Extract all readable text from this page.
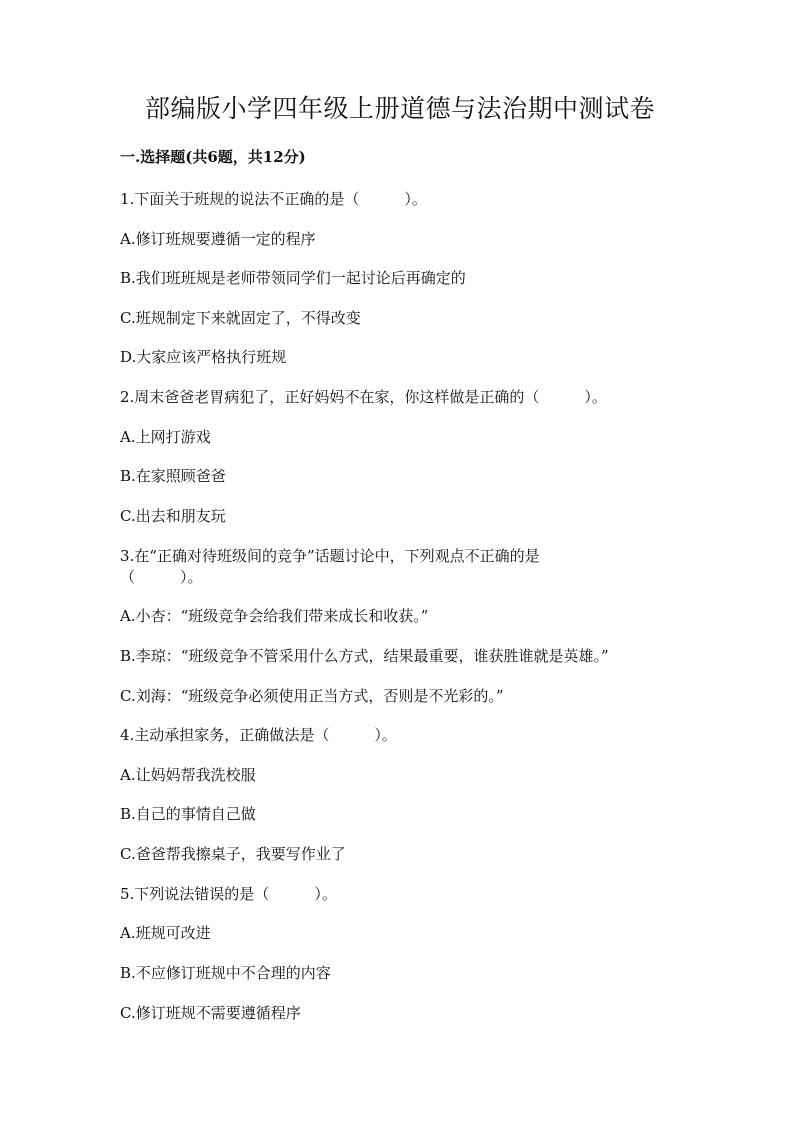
部编版小学四年级上册道德与法治期中测试卷
一.选择题(共6题，共12分)
1.下面关于班规的说法不正确的是（　　　）。
A.修订班规要遵循一定的程序
B.我们班班规是老师带领同学们一起讨论后再确定的
C.班规制定下来就固定了，不得改变
D.大家应该严格执行班规
2.周末爸爸老胃病犯了，正好妈妈不在家，你这样做是正确的（　　　）。
A.上网打游戏
B.在家照顾爸爸
C.出去和朋友玩
3.在“正确对待班级间的竞争”话题讨论中，下列观点不正确的是
（　　　）。
A.小杏：“班级竞争会给我们带来成长和收获。”
B.李琼：“班级竞争不管采用什么方式，结果最重要，谁获胜谁就是英雄。”
C.刘海：“班级竞争必须使用正当方式，否则是不光彩的。”
4.主动承担家务，正确做法是（　　　）。
A.让妈妈帮我洗校服
B.自己的事情自己做
C.爸爸帮我擦桌子，我要写作业了
5.下列说法错误的是（　　　）。
A.班规可改进
B.不应修订班规中不合理的内容
C.修订班规不需要遵循程序
